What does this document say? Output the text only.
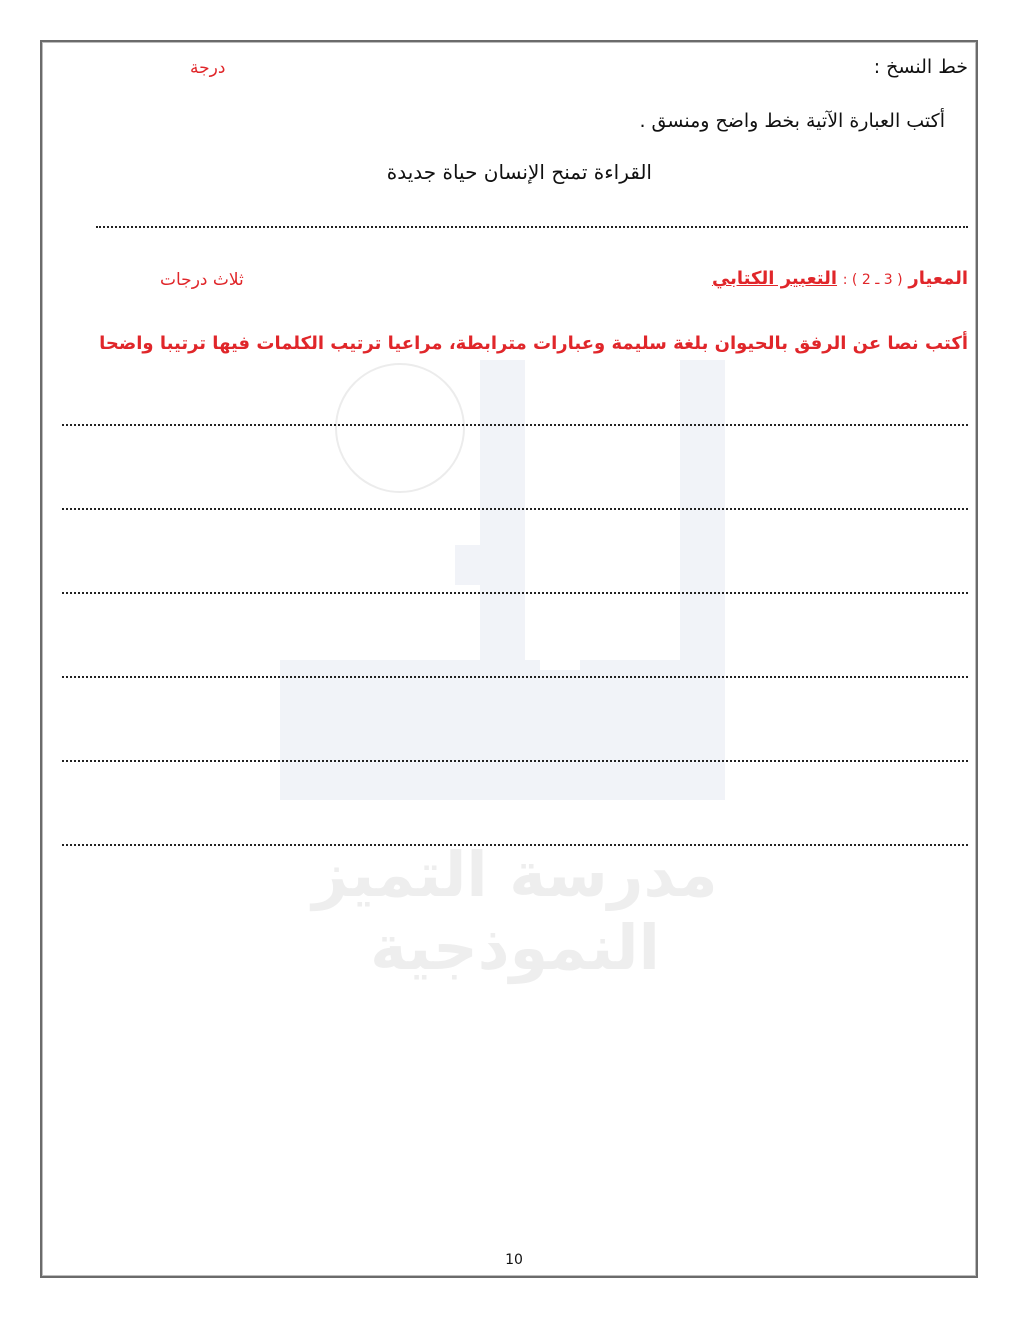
مدرسة التميز النموذجية
خط النسخ :
درجة
أكتب العبارة الآتية بخط واضح ومنسق .
القراءة تمنح الإنسان حياة جديدة
المعيار ( 3 ـ 2 ) : التعبير الكتابي
ثلاث درجات
أكتب نصا عن الرفق بالحيوان بلغة سليمة وعبارات مترابطة، مراعيا ترتيب الكلمات فيها ترتيبا واضحا
10
